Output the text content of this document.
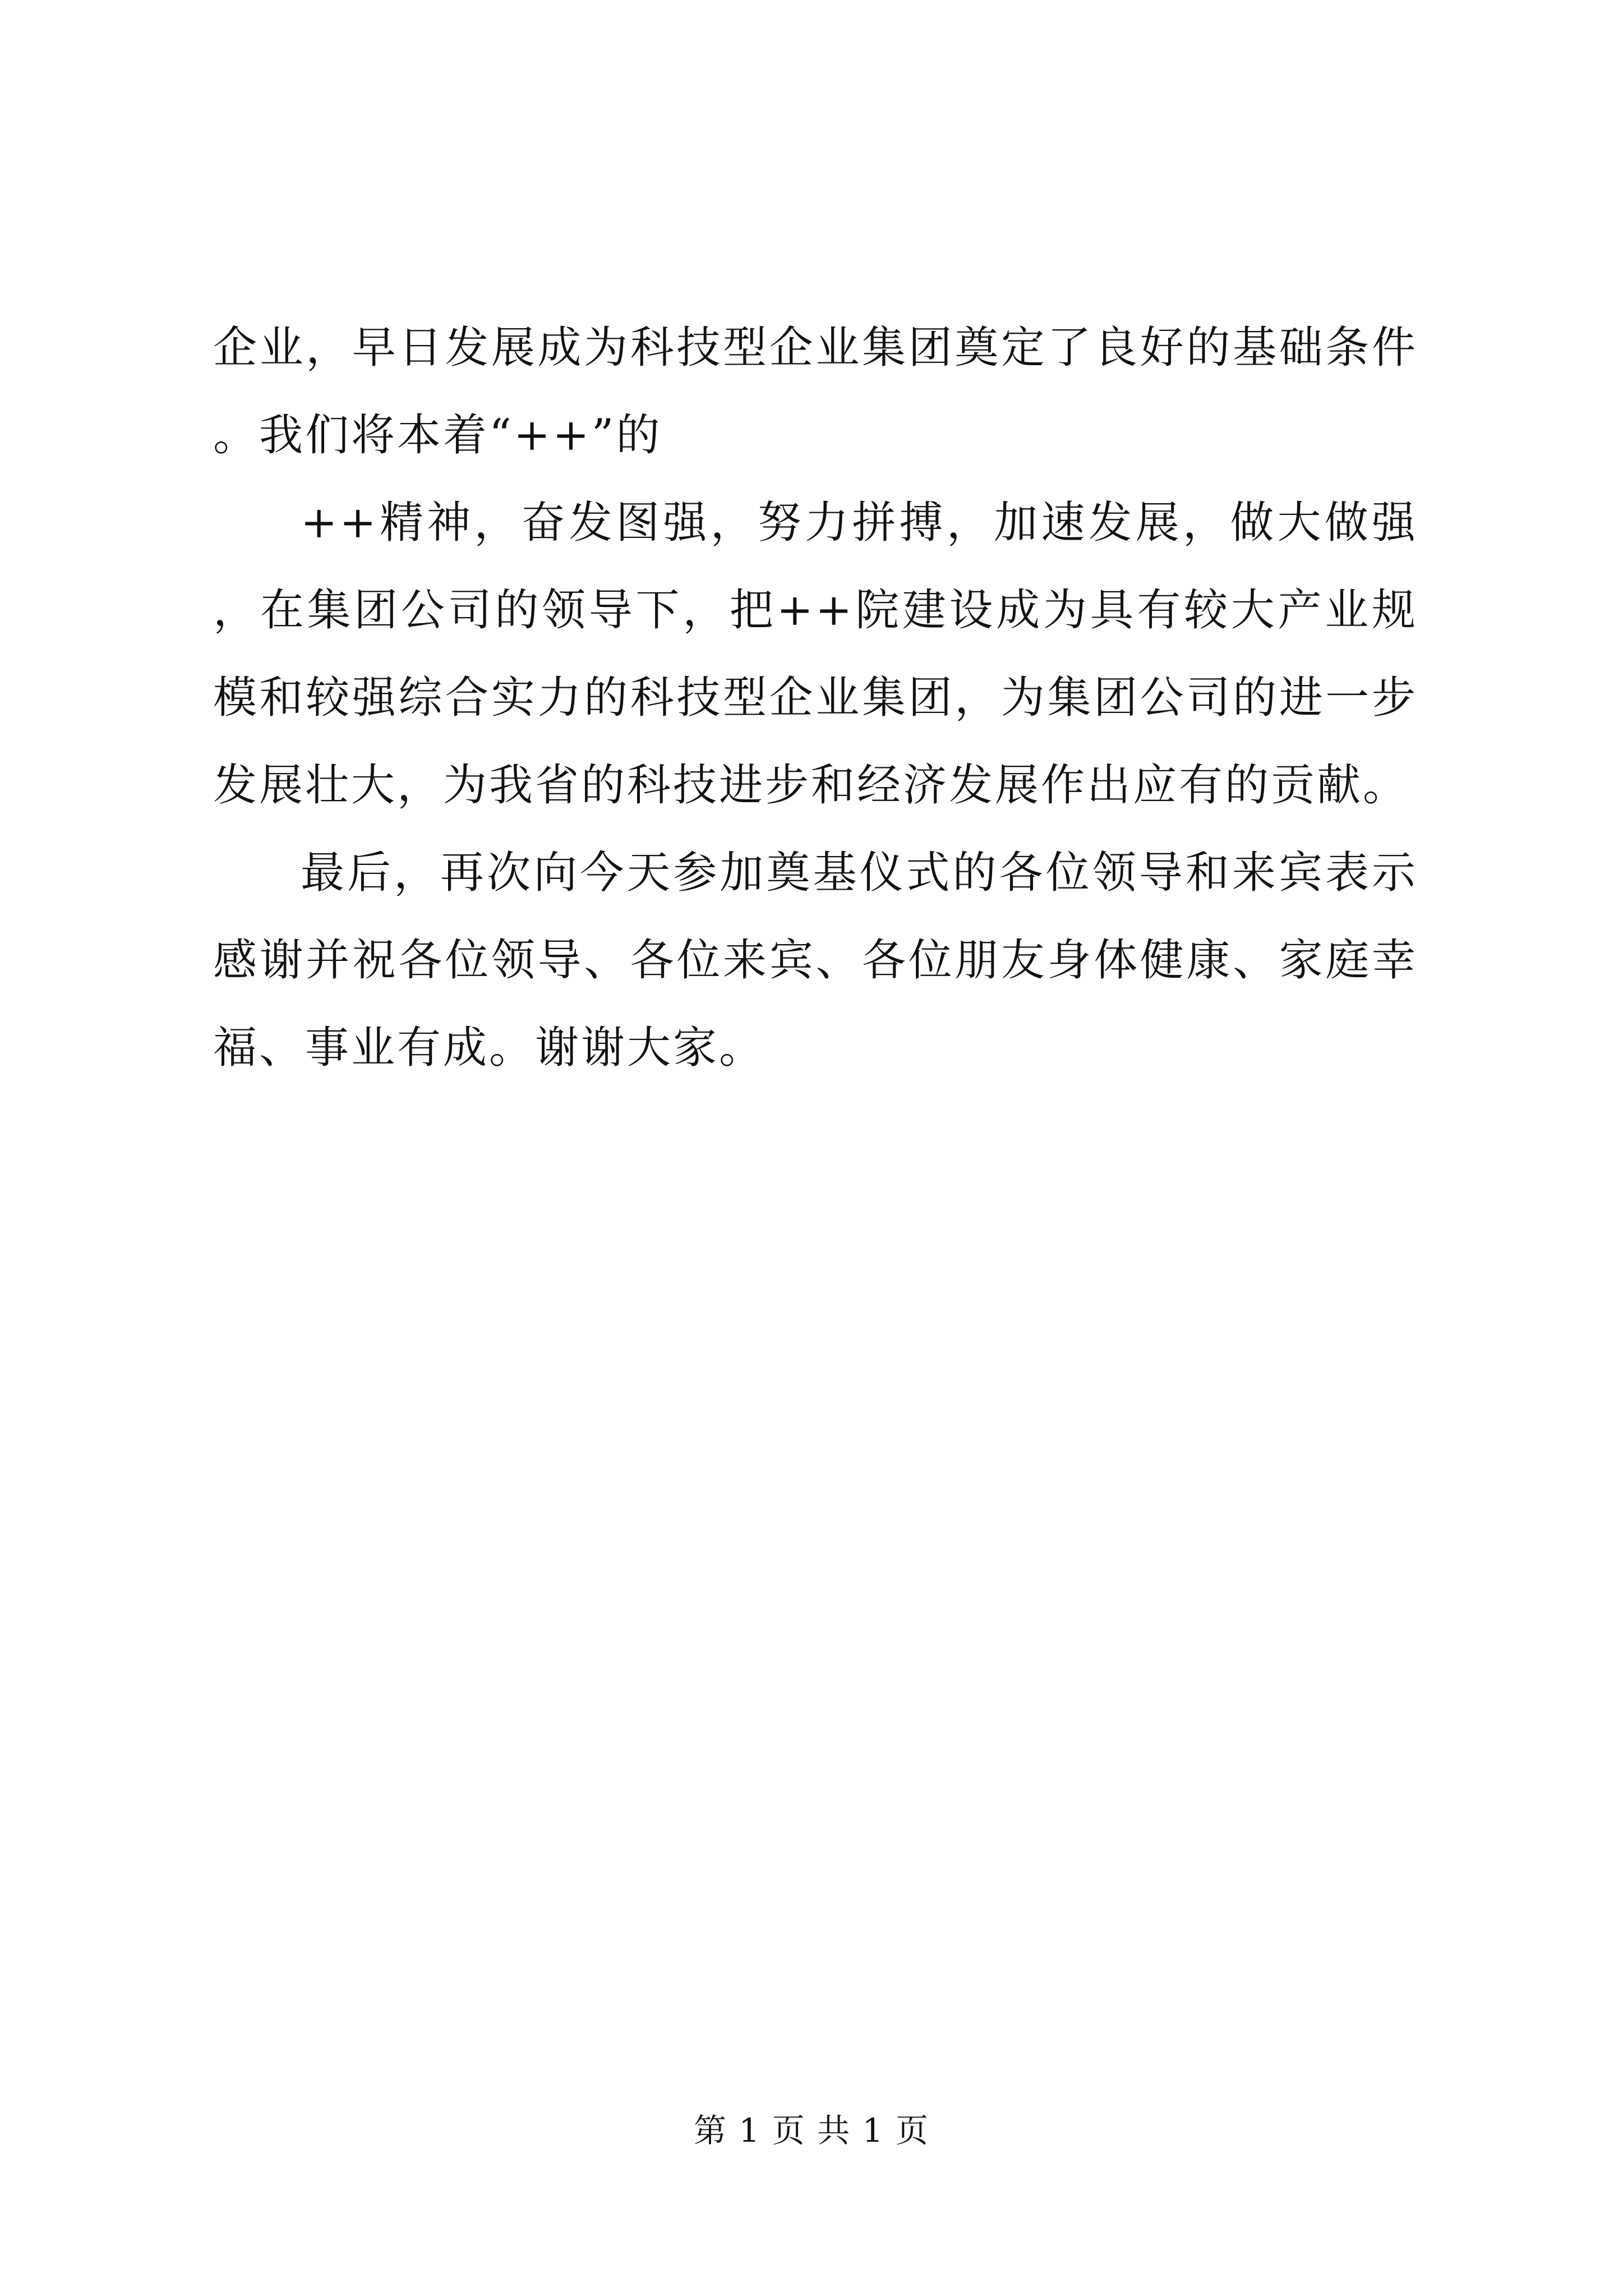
企业，早日发展成为科技型企业集团奠定了良好的基础条件。我们将本着“++”的

++精神，奋发图强，努力拼搏，加速发展，做大做强，在集团公司的领导下，把++院建设成为具有较大产业规模和较强综合实力的科技型企业集团，为集团公司的进一步发展壮大，为我省的科技进步和经济发展作出应有的贡献。

最后，再次向今天参加奠基仪式的各位领导和来宾表示感谢并祝各位领导、各位来宾、各位朋友身体健康、家庭幸福、事业有成。谢谢大家。

第 1 页 共 1 页
